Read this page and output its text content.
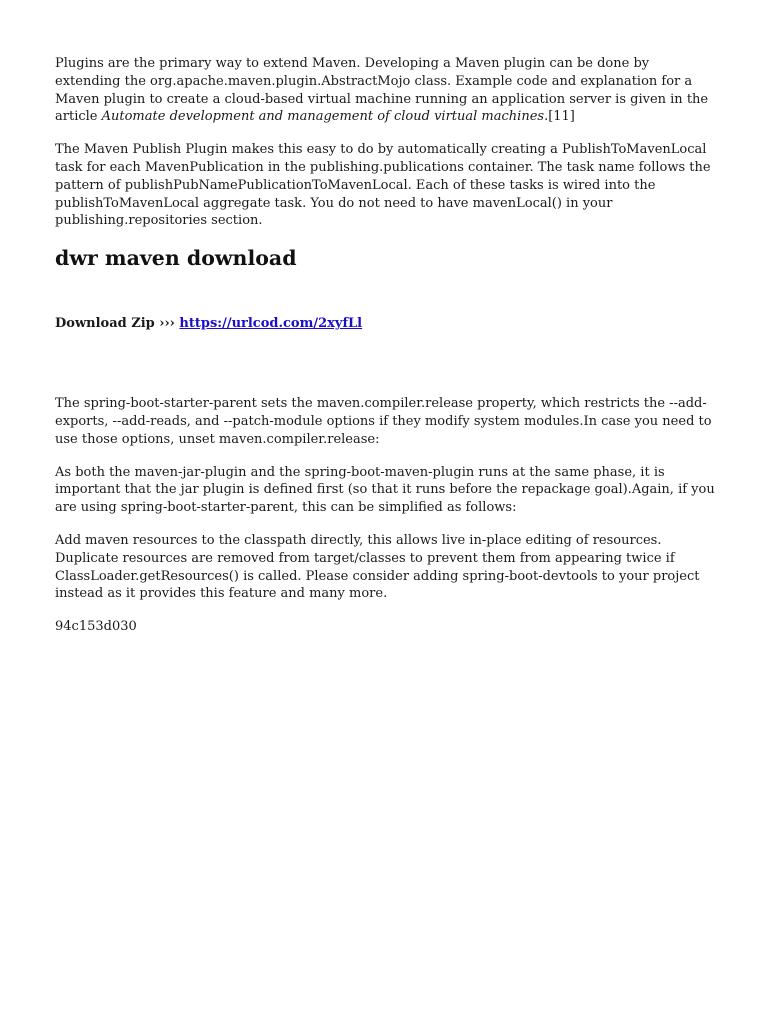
Plugins are the primary way to extend Maven. Developing a Maven plugin can be done by extending the org.apache.maven.plugin.AbstractMojo class. Example code and explanation for a Maven plugin to create a cloud-based virtual machine running an application server is given in the article Automate development and management of cloud virtual machines.[11]

The Maven Publish Plugin makes this easy to do by automatically creating a PublishToMavenLocal task for each MavenPublication in the publishing.publications container. The task name follows the pattern of publishPubNamePublicationToMavenLocal. Each of these tasks is wired into the publishToMavenLocal aggregate task. You do not need to have mavenLocal() in your publishing.repositories section.

dwr maven download
Download Zip ››› https://urlcod.com/2xyfLl

The spring-boot-starter-parent sets the maven.compiler.release property, which restricts the --add-exports, --add-reads, and --patch-module options if they modify system modules.In case you need to use those options, unset maven.compiler.release:

As both the maven-jar-plugin and the spring-boot-maven-plugin runs at the same phase, it is important that the jar plugin is defined first (so that it runs before the repackage goal).Again, if you are using spring-boot-starter-parent, this can be simplified as follows:

Add maven resources to the classpath directly, this allows live in-place editing of resources. Duplicate resources are removed from target/classes to prevent them from appearing twice if ClassLoader.getResources() is called. Please consider adding spring-boot-devtools to your project instead as it provides this feature and many more.

94c153d030
